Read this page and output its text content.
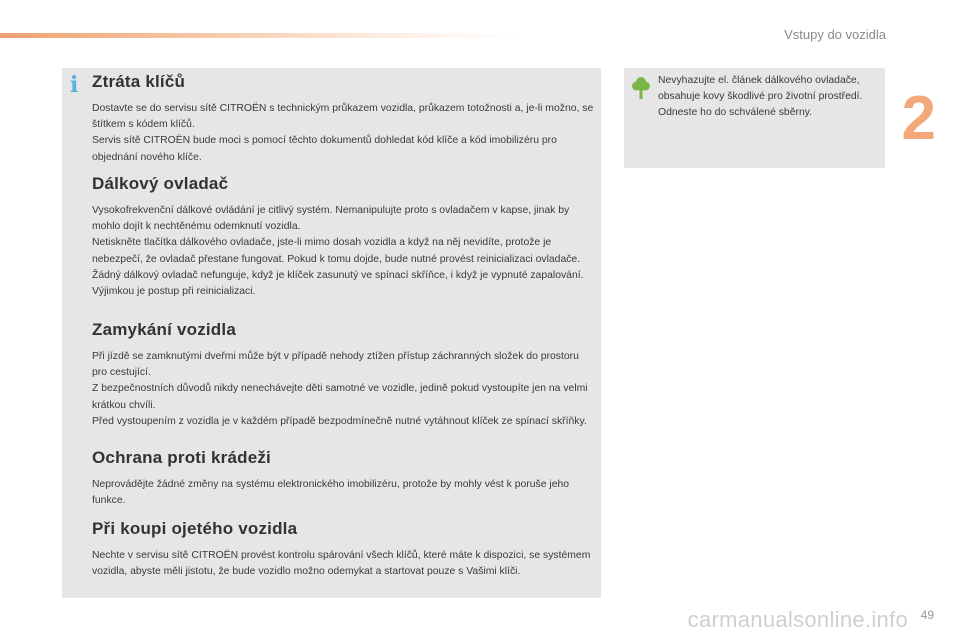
Vstupy do vozidla
2
i Ztráta klíčů

Dostavte se do servisu sítě CITROËN s technickým průkazem vozidla, průkazem totožnosti a, je-li možno, se štítkem s kódem klíčů.
Servis sítě CITROËN bude moci s pomocí těchto dokumentů dohledat kód klíče a kód imobilizéru pro objednání nového klíče.

Dálkový ovladač

Vysokofrekvenční dálkové ovládání je citlivý systém. Nemanipulujte proto s ovladačem v kapse, jinak by mohlo dojít k nechtěnému odemknutí vozidla.
Netiskněte tlačítka dálkového ovladače, jste-li mimo dosah vozidla a když na něj nevidíte, protože je nebezpečí, že ovladač přestane fungovat. Pokud k tomu dojde, bude nutné provést reinicializaci ovladače.
Žádný dálkový ovladač nefunguje, když je klíček zasunutý ve spínací skříňce, i když je vypnuté zapalování. Výjimkou je postup při reinicializaci.

Zamykání vozidla

Při jízdě se zamknutými dveřmi může být v případě nehody ztížen přístup záchranných složek do prostoru pro cestující.
Z bezpečnostních důvodů nikdy nenechávejte děti samotné ve vozidle, jedině pokud vystoupíte jen na velmi krátkou chvíli.
Před vystoupením z vozidla je v každém případě bezpodmínečně nutné vytáhnout klíček ze spínací skříňky.

Ochrana proti krádeži

Neprovádějte žádné změny na systému elektronického imobilizéru, protože by mohly vést k poruše jeho funkce.

Při koupi ojetého vozidla

Nechte v servisu sítě CITROËN provést kontrolu spárování všech klíčů, které máte k dispozici, se systémem vozidla, abyste měli jistotu, že bude vozidlo možno odemykat a startovat pouze s Vašimi klíči.

Nevyhazujte el. článek dálkového ovladače, obsahuje kovy škodlivé pro životní prostředí.
Odneste ho do schválené sběrny.
carmanualsonline.info 49
